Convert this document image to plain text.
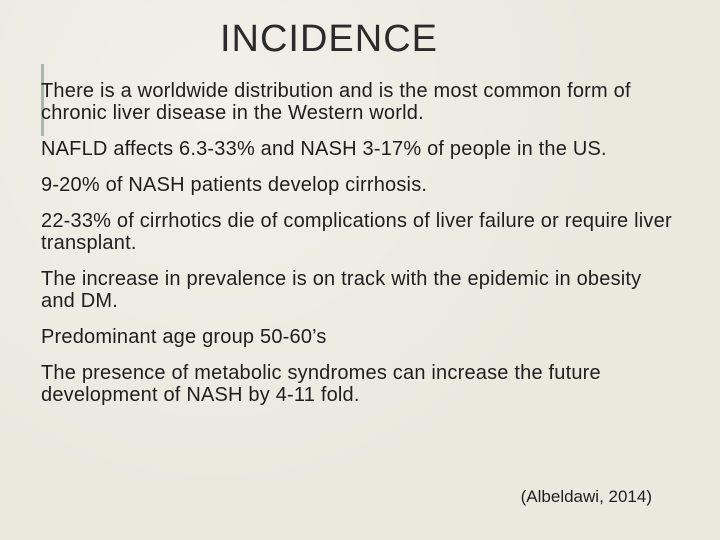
INCIDENCE
There is a worldwide distribution and is the most common form of chronic liver disease in the Western world.
NAFLD affects 6.3-33% and NASH 3-17% of people in the US.
9-20% of NASH patients develop cirrhosis.
22-33% of cirrhotics die of complications of liver failure or require liver transplant.
The increase in prevalence is on track with the epidemic in obesity and DM.
Predominant age group 50-60’s
The presence of metabolic syndromes can increase the future development of NASH by 4-11 fold.
(Albeldawi, 2014)
